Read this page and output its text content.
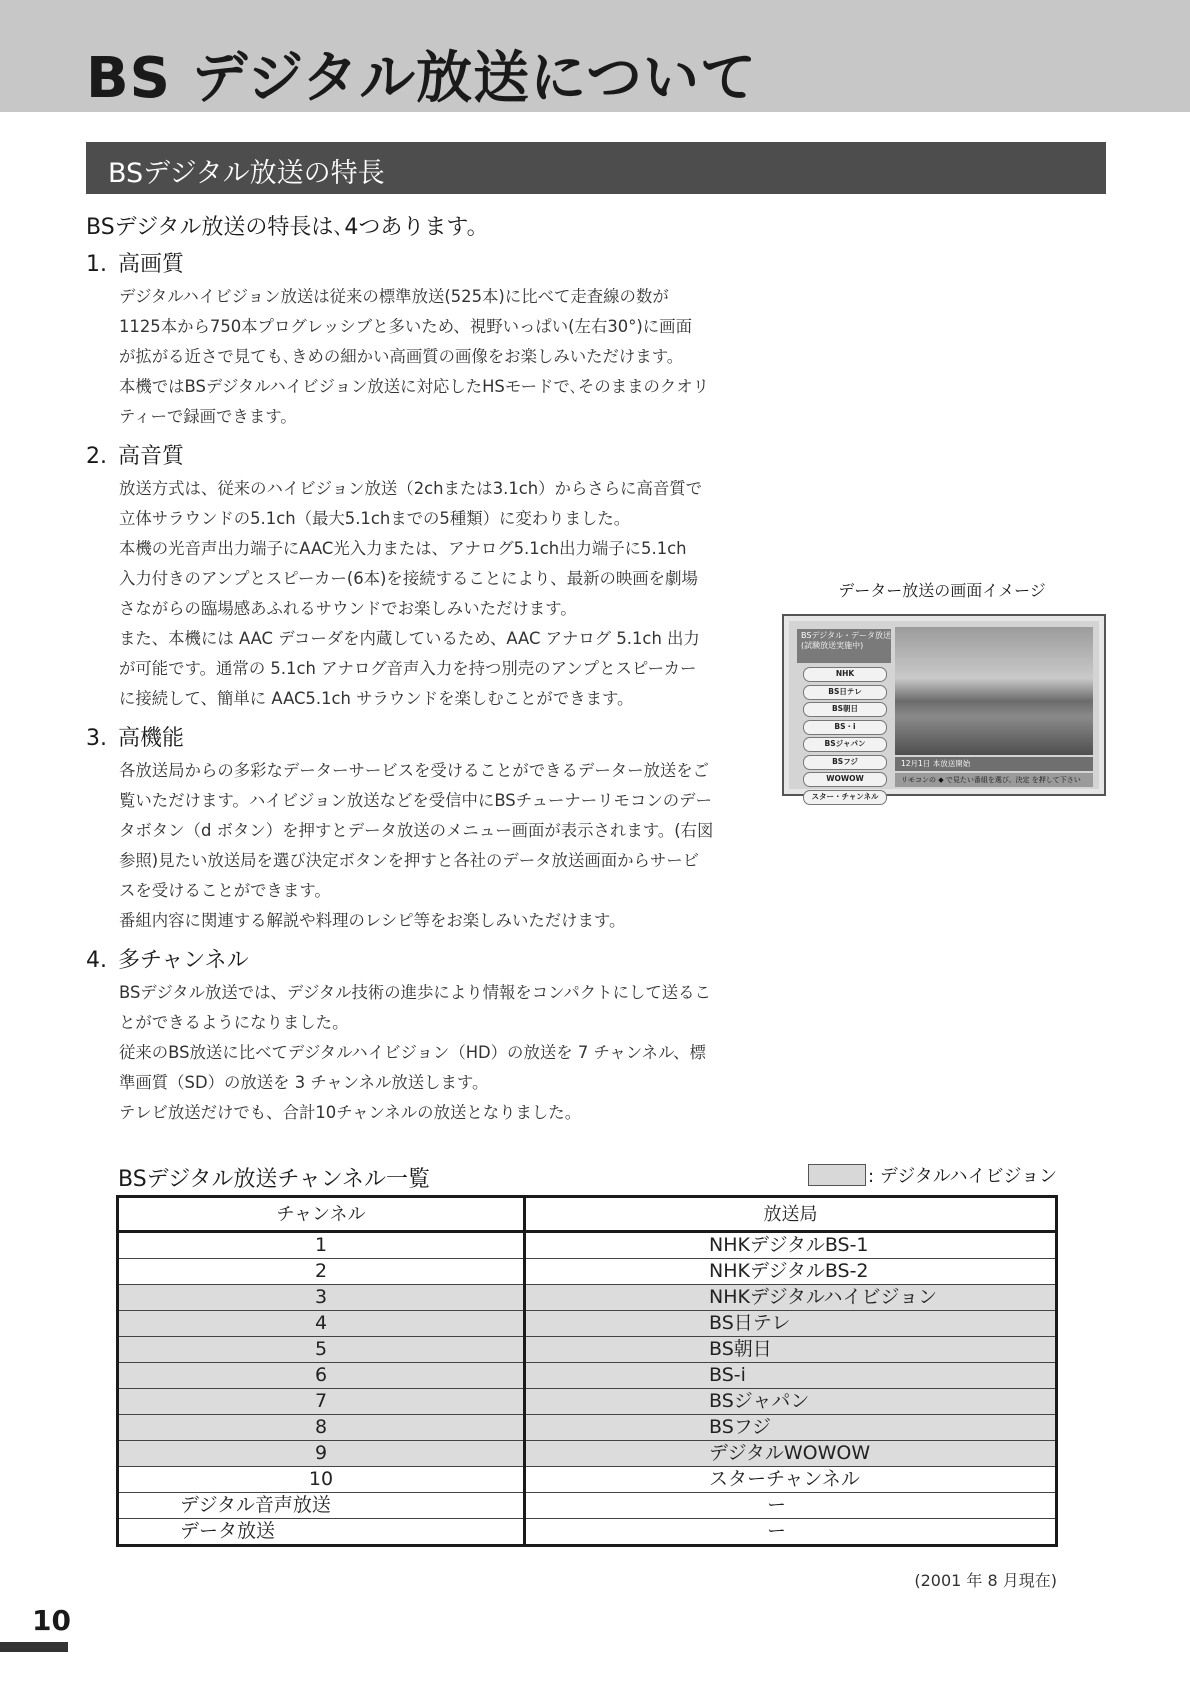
BS デジタル放送について
BSデジタル放送の特長
BSデジタル放送の特長は､4つあります。
1. 高画質

デジタルハイビジョン放送は従来の標準放送(525本)に比べて走査線の数が

1125本から750本プログレッシブと多いため、視野いっぱい(左右30°)に画面

が拡がる近さで見ても､きめの細かい高画質の画像をお楽しみいただけます。

本機ではBSデジタルハイビジョン放送に対応したHSモードで､そのままのクオリ

ティーで録画できます。

2. 高音質

放送方式は、従来のハイビジョン放送（2chまたは3.1ch）からさらに高音質で

立体サラウンドの5.1ch（最大5.1chまでの5種類）に変わりました。

本機の光音声出力端子にAAC光入力または、アナログ5.1ch出力端子に5.1ch

入力付きのアンプとスピーカー(6本)を接続することにより、最新の映画を劇場

さながらの臨場感あふれるサウンドでお楽しみいただけます。

また、本機には AAC デコーダを内蔵しているため、AAC アナログ 5.1ch 出力

が可能です。通常の 5.1ch アナログ音声入力を持つ別売のアンプとスピーカー

に接続して、簡単に AAC5.1ch サラウンドを楽しむことができます。

3. 高機能

各放送局からの多彩なデーターサービスを受けることができるデーター放送をご

覧いただけます。ハイビジョン放送などを受信中にBSチューナーリモコンのデー

タボタン（d ボタン）を押すとデータ放送のメニュー画面が表示されます。(右図

参照)見たい放送局を選び決定ボタンを押すと各社のデータ放送画面からサービ

スを受けることができます。

番組内容に関連する解説や料理のレシピ等をお楽しみいただけます。

4. 多チャンネル

BSデジタル放送では、デジタル技術の進歩により情報をコンパクトにして送るこ

とができるようになりました。

従来のBS放送に比べてデジタルハイビジョン（HD）の放送を 7 チャンネル、標

準画質（SD）の放送を 3 チャンネル放送します。

テレビ放送だけでも、合計10チャンネルの放送となりました。

データー放送の画面イメージ
BSデジタル・データ放送
(試験放送実施中)
NHK
BS日テレ
BS朝日
BS・i
BSジャパン
BSフジ
WOWOW
スター・チャンネル
12月1日 本放送開始
リモコンの ◆ で見たい番組を選び、決定 を押して下さい
BSデジタル放送チャンネル一覧	: デジタルハイビジョン
チャンネル	放送局
1	NHKデジタルBS-1
2	NHKデジタルBS-2
3	NHKデジタルハイビジョン
4	BS日テレ
5	BS朝日
6	BS-i
7	BSジャパン
8	BSフジ
9	デジタルWOWOW
10	スターチャンネル
デジタル音声放送	ー
データ放送	ー
(2001 年 8 月現在)
10
